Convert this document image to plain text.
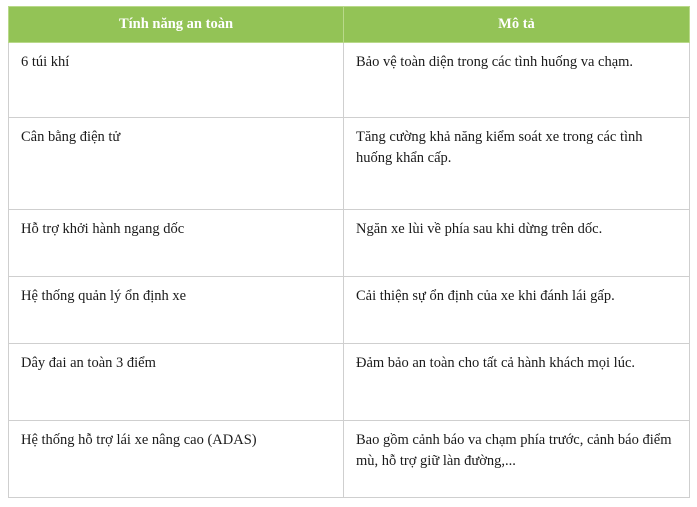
Tính năng an toàn	Mô tả
6 túi khí	Bảo vệ toàn diện trong các tình huống va chạm.
Cân bằng điện tử	Tăng cường khả năng kiểm soát xe trong các tình huống khẩn cấp.
Hỗ trợ khởi hành ngang dốc	Ngăn xe lùi về phía sau khi dừng trên dốc.
Hệ thống quản lý ổn định xe	Cải thiện sự ổn định của xe khi đánh lái gấp.
Dây đai an toàn 3 điểm	Đảm bảo an toàn cho tất cả hành khách mọi lúc.
Hệ thống hỗ trợ lái xe nâng cao (ADAS)	Bao gồm cảnh báo va chạm phía trước, cảnh báo điểm mù, hỗ trợ giữ làn đường,...
